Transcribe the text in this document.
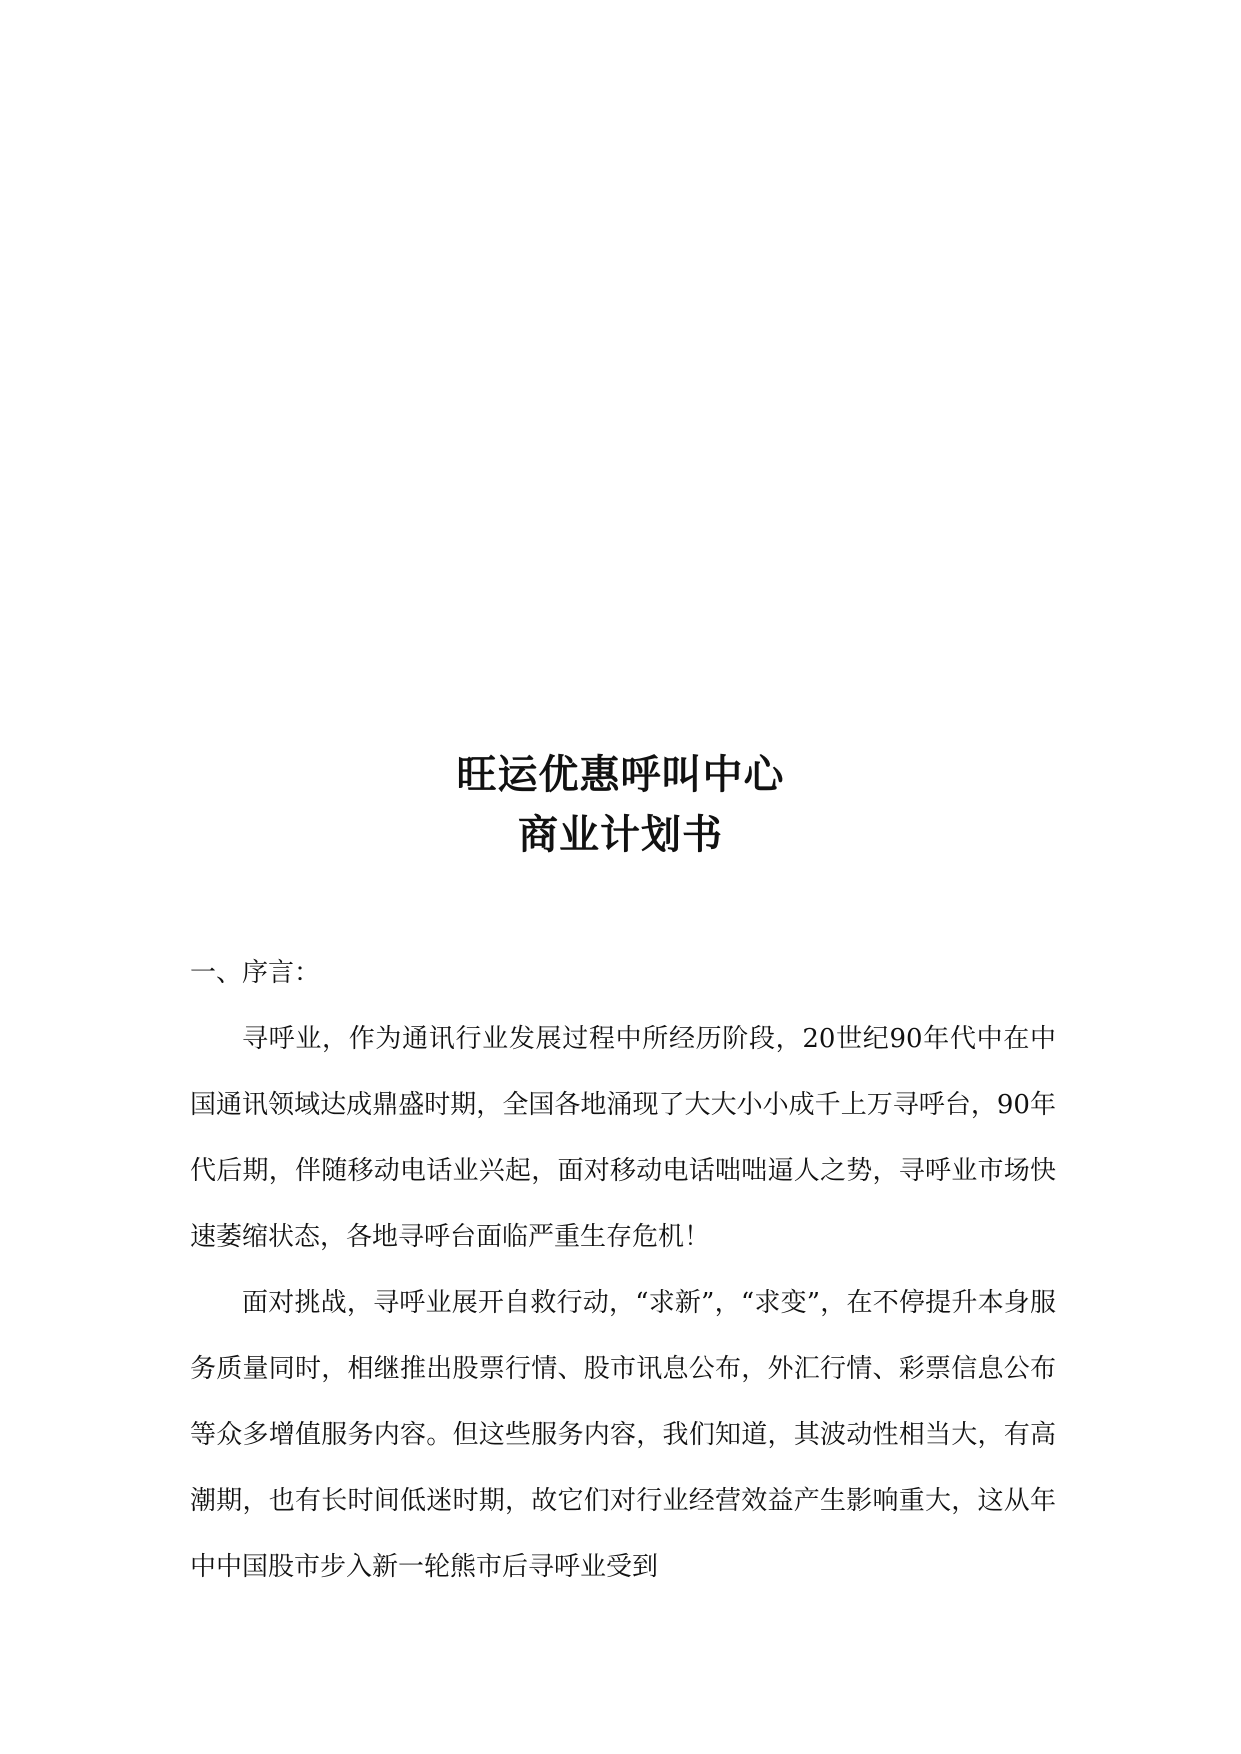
旺运优惠呼叫中心
商业计划书
一、序言：

寻呼业，作为通讯行业发展过程中所经历阶段，20世纪90年代中在中国通讯领域达成鼎盛时期，全国各地涌现了大大小小成千上万寻呼台，90年代后期，伴随移动电话业兴起，面对移动电话咄咄逼人之势，寻呼业市场快速萎缩状态，各地寻呼台面临严重生存危机！

面对挑战，寻呼业展开自救行动，“求新”，“求变”，在不停提升本身服务质量同时，相继推出股票行情、股市讯息公布，外汇行情、彩票信息公布等众多增值服务内容。但这些服务内容，我们知道，其波动性相当大，有高潮期，也有长时间低迷时期，故它们对行业经营效益产生影响重大，这从年中中国股市步入新一轮熊市后寻呼业受到
